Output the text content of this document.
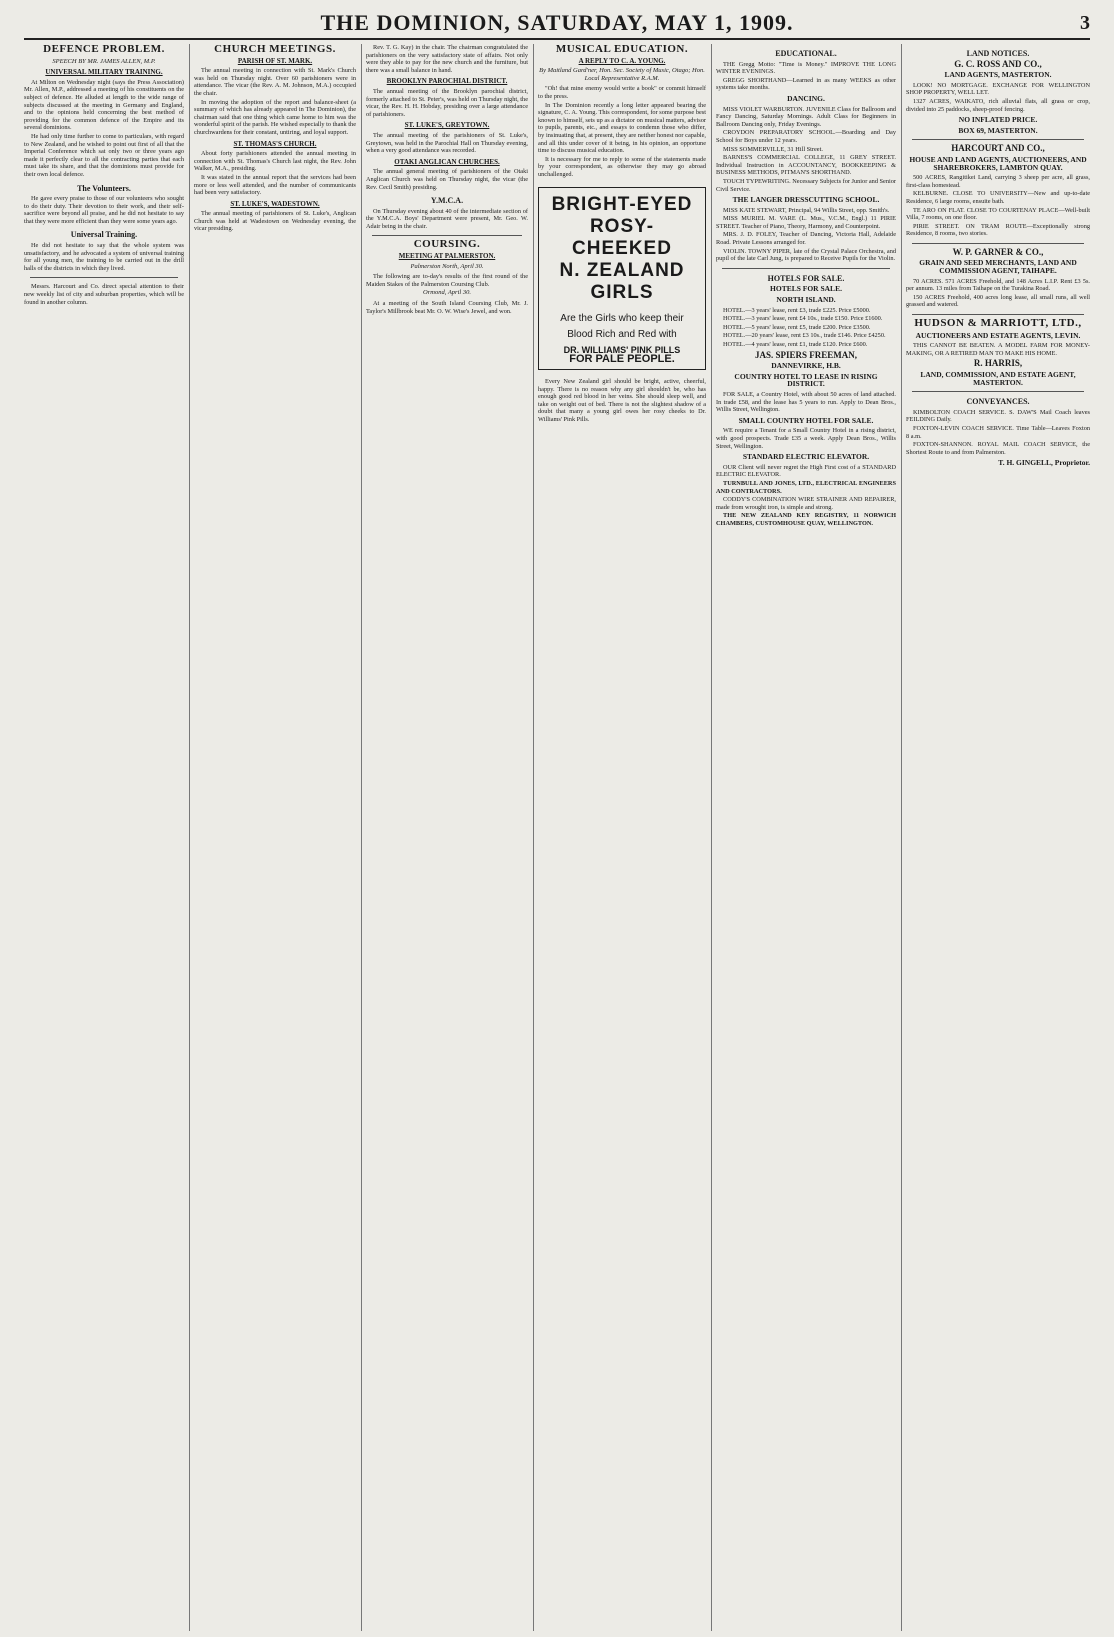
THE DOMINION, SATURDAY, MAY 1, 1909.	3
DEFENCE PROBLEM.
SPEECH BY MR. JAMES ALLEN, M.P.
UNIVERSAL MILITARY TRAINING.

At Milton on Wednesday night (says the Press Association) Mr. Allen, M.P., addressed a meeting of his constituents on the subject of defence. He alluded at length to the wide range of subjects discussed at the meeting in Germany and England, and to the opinions held concerning the best method of providing for the common defence of the Empire and its several dominions.

He had only time further to come to particulars, with regard to New Zealand, and he wished to point out first of all that the Imperial Conference which sat only two or three years ago made it perfectly clear to all the contracting parties that each must take its share, and that the dominions must provide for their own local defence.

The Volunteers.

He gave every praise to those of our volunteers who sought to do their duty. Their devotion to their work, and their self-sacrifice were beyond all praise, and he did not hesitate to say that they were more efficient than they were some years ago.

Universal Training.

He did not hesitate to say that the whole system was unsatisfactory, and he advocated a system of universal training for all young men, the training to be carried out in the drill halls of the districts in which they lived.

Messrs. Harcourt and Co. direct special attention to their new weekly list of city and suburban properties, which will be found in another column.

CHURCH MEETINGS.
PARISH OF ST. MARK.

The annual meeting in connection with St. Mark's Church was held on Thursday night. Over 60 parishioners were in attendance. The vicar (the Rev. A. M. Johnson, M.A.) occupied the chair.

In moving the adoption of the report and balance-sheet (a summary of which has already appeared in The Dominion), the chairman said that one thing which came home to him was the wonderful spirit of the parish. He wished especially to thank the churchwardens for their constant, untiring, and loyal support.

ST. THOMAS'S CHURCH.

About forty parishioners attended the annual meeting in connection with St. Thomas's Church last night, the Rev. John Walker, M.A., presiding.

It was stated in the annual report that the services had been more or less well attended, and the number of communicants had been very satisfactory.

ST. LUKE'S, WADESTOWN.

The annual meeting of parishioners of St. Luke's, Anglican Church was held at Wadestown on Wednesday evening, the vicar presiding.

Rev. T. G. Kay) in the chair. The chairman congratulated the parishioners on the very satisfactory state of affairs. Not only were they able to pay for the new church and the furniture, but there was a small balance in hand.

BROOKLYN PAROCHIAL DISTRICT.

The annual meeting of the Brooklyn parochial district, formerly attached to St. Peter's, was held on Thursday night, the vicar, the Rev. H. H. Hobday, presiding over a large attendance of parishioners.

ST. LUKE'S, GREYTOWN.

The annual meeting of the parishioners of St. Luke's, Greytown, was held in the Parochial Hall on Thursday evening, when a very good attendance was recorded.

OTAKI ANGLICAN CHURCHES.

The annual general meeting of parishioners of the Otaki Anglican Church was held on Thursday night, the vicar (the Rev. Cecil Smith) presiding.

Y.M.C.A.

On Thursday evening about 40 of the intermediate section of the Y.M.C.A. Boys' Department were present, Mr. Geo. W. Adair being in the chair.

COURSING.
MEETING AT PALMERSTON.
Palmerston North, April 30.

The following are to-day's results of the first round of the Maiden Stakes of the Palmerston Coursing Club.

Ormond, April 30.

At a meeting of the South Island Coursing Club, Mr. J. Taylor's Millbrook beat Mr. O. W. Wise's Jewel, and won.

MUSICAL EDUCATION.
A REPLY TO C. A. YOUNG.
By Maitland Gard'ner, Hon. Sec. Society of Music, Otago; Hon. Local Representative R.A.M.

"Oh! that mine enemy would write a book" or commit himself to the press.

In The Dominion recently a long letter appeared bearing the signature, C. A. Young. This correspondent, for some purpose best known to himself, sets up as a dictator on musical matters, advisor to pupils, parents, etc., and essays to condemn those who differ, by insinuating that, at present, they are neither honest nor capable, and all this under cover of it being, in his opinion, an opportune time to discuss musical education.

It is necessary for me to reply to some of the statements made by your correspondent, as otherwise they may go abroad unchallenged.

BRIGHT-EYED
ROSY-CHEEKED
N. ZEALAND GIRLS
Are the Girls who keep their
Blood Rich and Red with
DR. WILLIAMS' PINK PILLS
FOR PALE PEOPLE.

Every New Zealand girl should be bright, active, cheerful, happy. There is no reason why any girl shouldn't be, who has enough good red blood in her veins. She should sleep well, and take on weight out of bed. There is not the slightest shadow of a doubt that many a young girl owes her rosy cheeks to Dr. Williams' Pink Pills.

EDUCATIONAL.

THE Gregg Motto: "Time is Money." IMPROVE THE LONG WINTER EVENINGS.

GREGG SHORTHAND—Learned in as many WEEKS as other systems take months.

DANCING.

MISS VIOLET WARBURTON. JUVENILE Class for Ballroom and Fancy Dancing, Saturday Mornings. Adult Class for Beginners in Ballroom Dancing only, Friday Evenings.

CROYDON PREPARATORY SCHOOL.—Boarding and Day School for Boys under 12 years.

MISS SOMMERVILLE, 31 Hill Street.

BARNES'S COMMERCIAL COLLEGE, 11 GREY STREET. Individual Instruction in ACCOUNTANCY, BOOKKEEPING & BUSINESS METHODS, PITMAN'S SHORTHAND.

TOUCH TYPEWRITING. Necessary Subjects for Junior and Senior Civil Service.

THE LANGER DRESSCUTTING SCHOOL.

MISS KATE STEWART, Principal, 94 Willis Street, opp. Smith's.

MISS MURIEL M. VARE (L. Mus., V.C.M., Engl.) 11 PIRIE STREET. Teacher of Piano, Theory, Harmony, and Counterpoint.

MRS. J. D. FOLEY, Teacher of Dancing, Victoria Hall, Adelaide Road. Private Lessons arranged for.

VIOLIN. TOWNY PIPER, late of the Crystal Palace Orchestra, and pupil of the late Carl Jung, is prepared to Receive Pupils for the Violin.

HOTELS FOR SALE.
HOTELS FOR SALE.
NORTH ISLAND.

HOTEL.—3 years' lease, rent £3, trade £225. Price £5000.

HOTEL.—3 years' lease, rent £4 10s., trade £150. Price £1600.

HOTEL.—5 years' lease, rent £5, trade £200. Price £3500.

HOTEL.—20 years' lease, rent £3 10s., trade £146. Price £4250.

HOTEL.—4 years' lease, rent £1, trade £120. Price £600.

JAS. SPIERS FREEMAN,
DANNEVIRKE, H.B.
COUNTRY HOTEL TO LEASE IN RISING DISTRICT.

FOR SALE, a Country Hotel, with about 50 acres of land attached. In trade £58, and the lease has 5 years to run. Apply to Dean Bros., Willis Street, Wellington.

SMALL COUNTRY HOTEL FOR SALE.

WE require a Tenant for a Small Country Hotel in a rising district, with good prospects. Trade £35 a week. Apply Dean Bros., Willis Street, Wellington.

STANDARD ELECTRIC ELEVATOR.

OUR Client will never regret the High First cost of a STANDARD ELECTRIC ELEVATOR.

TURNBULL AND JONES, LTD., ELECTRICAL ENGINEERS AND CONTRACTORS.

CODDY'S COMBINATION WIRE STRAINER AND REPAIRER, made from wrought iron, is simple and strong.

THE NEW ZEALAND KEY REGISTRY, 11 NORWICH CHAMBERS, CUSTOMHOUSE QUAY, WELLINGTON.

LAND NOTICES.
G. C. ROSS AND CO.,
LAND AGENTS, MASTERTON.

LOOK! NO MORTGAGE. EXCHANGE FOR WELLINGTON SHOP PROPERTY, WELL LET.

1327 ACRES, WAIKATO, rich alluvial flats, all grass or crop, divided into 25 paddocks, sheep-proof fencing.

NO INFLATED PRICE.
BOX 69, MASTERTON.
HARCOURT AND CO.,
HOUSE AND LAND AGENTS, AUCTIONEERS, AND SHAREBROKERS, LAMBTON QUAY.

500 ACRES, Rangitikei Land, carrying 3 sheep per acre, all grass, first-class homestead.

KELBURNE. CLOSE TO UNIVERSITY—New and up-to-date Residence, 6 large rooms, ensuite bath.

TE ARO ON FLAT. CLOSE TO COURTENAY PLACE—Well-built Villa, 7 rooms, on one floor.

PIRIE STREET. ON TRAM ROUTE—Exceptionally strong Residence, 8 rooms, two stories.

W. P. GARNER & CO.,
GRAIN AND SEED MERCHANTS, LAND AND COMMISSION AGENT, TAIHAPE.

70 ACRES. 571 ACRES Freehold, and 148 Acres L.I.P. Rent £3 5s. per annum. 13 miles from Taihape on the Turakina Road.

150 ACRES Freehold, 400 acres long lease, all small runs, all well grassed and watered.

HUDSON & MARRIOTT, LTD.,
AUCTIONEERS AND ESTATE AGENTS, LEVIN.

THIS CANNOT BE BEATEN. A MODEL FARM FOR MONEY-MAKING, OR A RETIRED MAN TO MAKE HIS HOME.

R. HARRIS,
LAND, COMMISSION, AND ESTATE AGENT, MASTERTON.
CONVEYANCES.

KIMBOLTON COACH SERVICE. S. DAW'S Mail Coach leaves FEILDING Daily.

FOXTON-LEVIN COACH SERVICE. Time Table—Leaves Foxton 8 a.m.

FOXTON-SHANNON. ROYAL MAIL COACH SERVICE, the Shortest Route to and from Palmerston.

T. H. GINGELL, Proprietor.
